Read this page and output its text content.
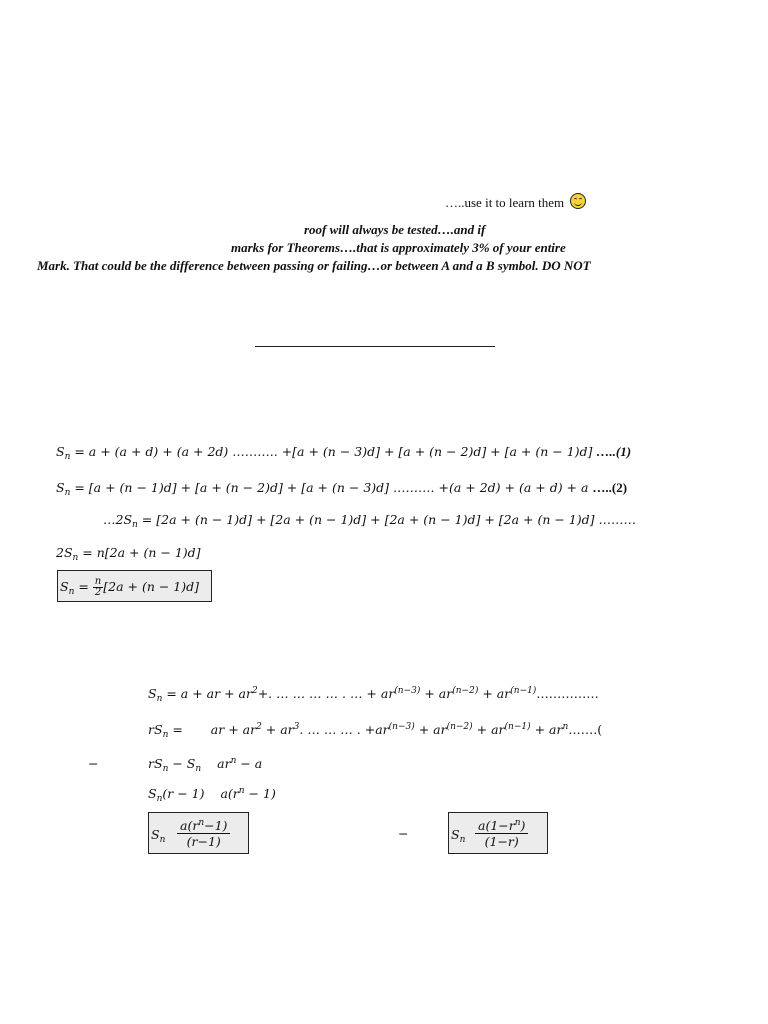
…..use it to learn them
roof will always be tested….and if
marks for Theorems….that is approximately 3% of your entire
Mark. That could be the difference between passing or failing…or between A and a B symbol. DO NOT
$S_n = a + (a + d) + (a + 2d)$ ……….. +[a + (n − 3)d] + [a + (n − 2)d] + [a + (n − 1)d] …..(1)
$S_n = [a + (n - 1)d] + [a + (n - 2)d] + [a + (n - 3)d]$ ………. +(a + 2d) + (a + d) + a …..(2)
$\dots 2S_n = [2a + (n - 1)d] + [2a + (n - 1)d] + [2a + (n - 1)d] + [2a + (n - 1)d]$ ………
$2S_n = n[2a + (n - 1)d]$
$S_n = \frac{n}{2} [2a + (n - 1)d]$
$S_n = a$ + ar + $ar^2+$. … … … … . … + $ar^{(n-3)} + ar^{(n-2)}$ + $ar^{(n-1)}\dots\dots\dots\dots\dots$
$rS_n$ = ar + $ar^2 + ar^3$. … … … . $+ar^{(n-3)} + ar^{(n-2)} + ar^{(n-1)}$ + $ar^n\dots\dots$.(
−	$rS_n - S_n$ $ar^n - a$
$S_n(r - 1) a(r^n - 1)$
$S_n \frac{a(r^n-1)}{(r-1)}$	−	$S_n \frac{a(1-r^n)}{(1-r)}$
